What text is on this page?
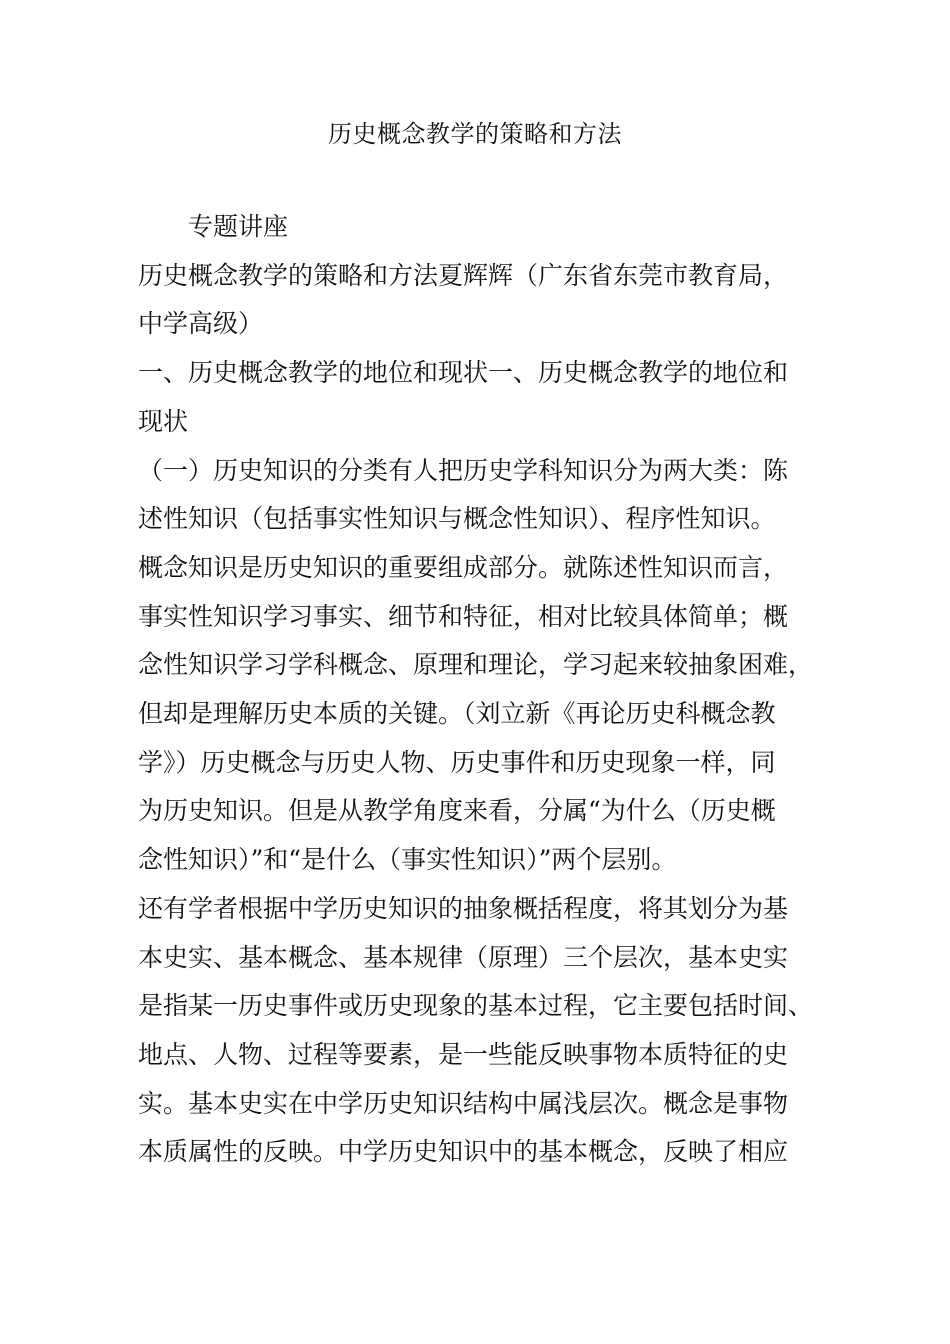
历史概念教学的策略和方法
专题讲座
历史概念教学的策略和方法夏辉辉（广东省东莞市教育局，
中学高级）
一、历史概念教学的地位和现状一、历史概念教学的地位和
现状
（一）历史知识的分类有人把历史学科知识分为两大类：陈
述性知识（包括事实性知识与概念性知识）、程序性知识。
概念知识是历史知识的重要组成部分。就陈述性知识而言，
事实性知识学习事实、细节和特征，相对比较具体简单；概
念性知识学习学科概念、原理和理论，学习起来较抽象困难，
但却是理解历史本质的关键。（刘立新《再论历史科概念教
学》）历史概念与历史人物、历史事件和历史现象一样，同
为历史知识。但是从教学角度来看，分属“为什么（历史概
念性知识）”和“是什么（事实性知识）”两个层别。
还有学者根据中学历史知识的抽象概括程度，将其划分为基
本史实、基本概念、基本规律（原理）三个层次，基本史实
是指某一历史事件或历史现象的基本过程，它主要包括时间、
地点、人物、过程等要素，是一些能反映事物本质特征的史
实。基本史实在中学历史知识结构中属浅层次。概念是事物
本质属性的反映。中学历史知识中的基本概念，反映了相应
